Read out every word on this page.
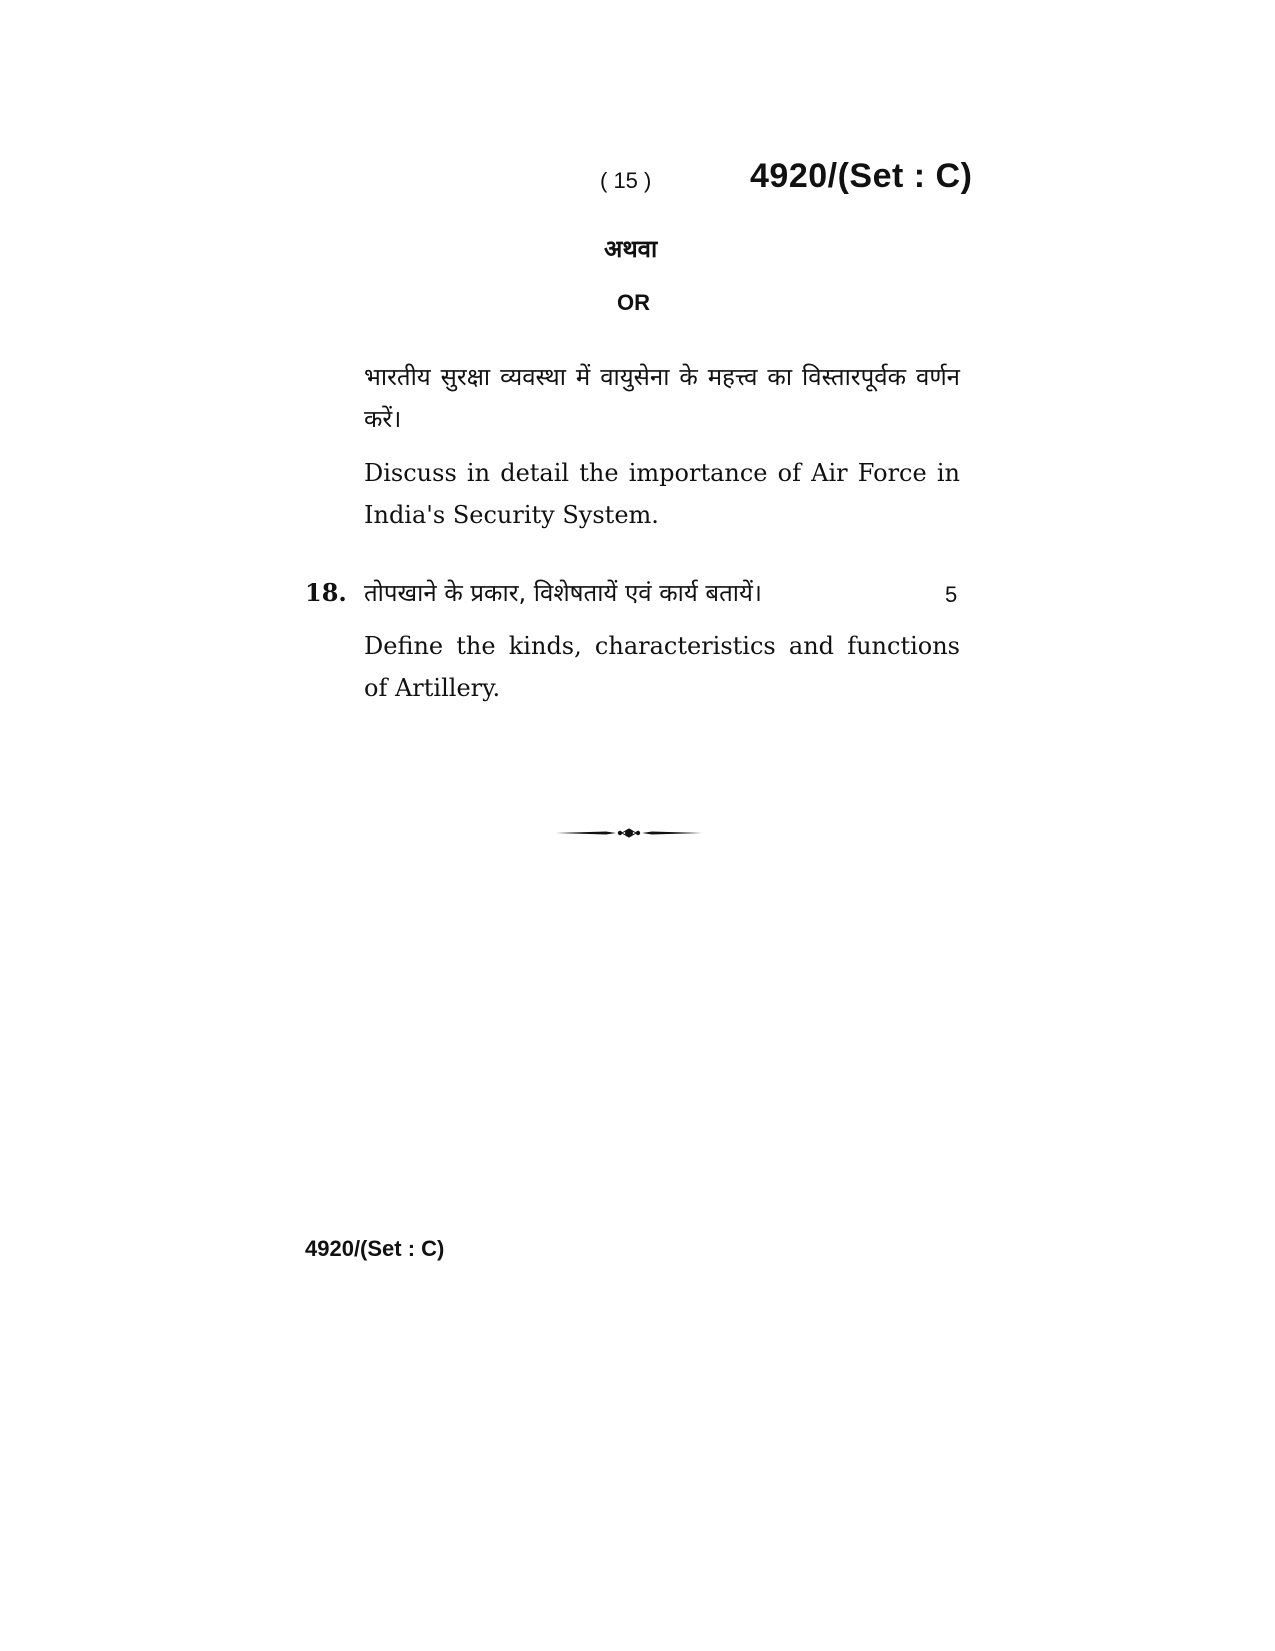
( 15 )	4920/(Set : C)
अथवा
OR
भारतीय सुरक्षा व्यवस्था में वायुसेना के महत्त्व का विस्तारपूर्वक वर्णन करें।
Discuss in detail the importance of Air Force in India's Security System.
18. तोपखाने के प्रकार, विशेषतायें एवं कार्य बतायें।	5
Define the kinds, characteristics and functions of Artillery.
4920/(Set : C)
